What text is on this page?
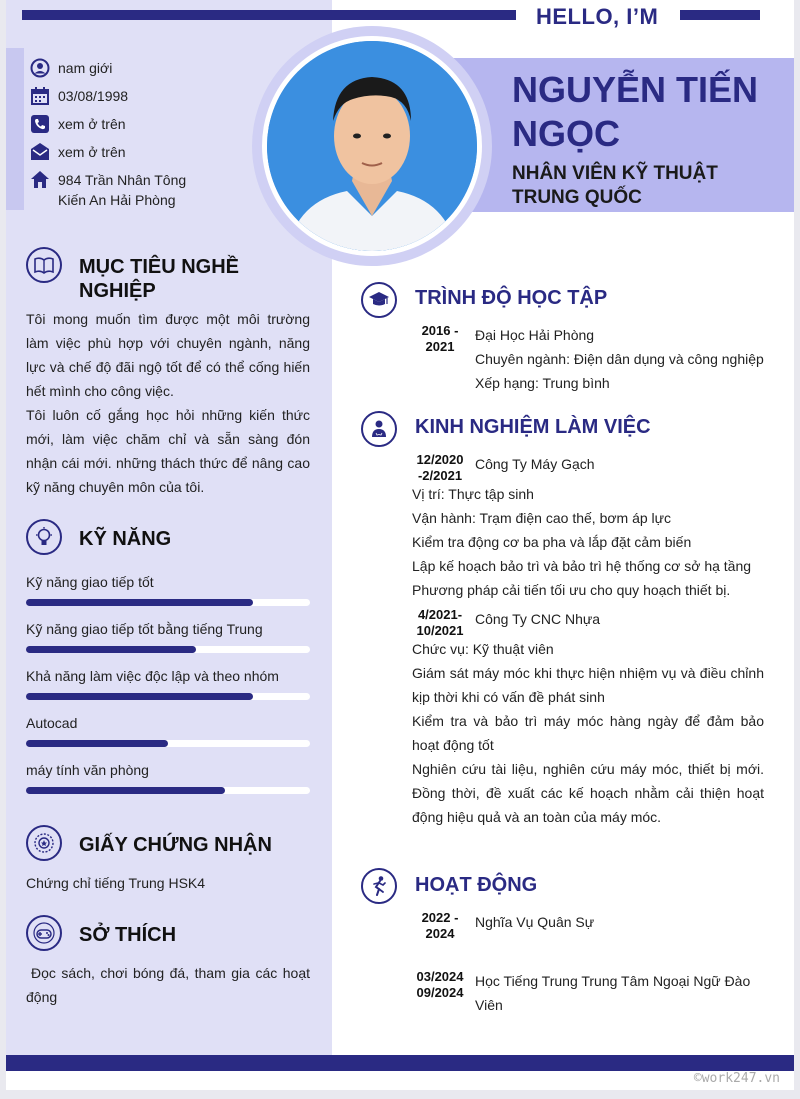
HELLO, I’M
NGUYỄN TIẾN NGỌC
NHÂN VIÊN KỸ THUẬT TRUNG QUỐC
nam giới
03/08/1998
xem ở trên
xem ở trên
984 Trần Nhân Tông
Kiến An Hải Phòng
MỤC TIÊU NGHỀ
NGHIỆP
Tôi mong muốn tìm được một môi trường làm việc phù hợp với chuyên ngành, năng lực và chế độ đãi ngộ tốt để có thể cống hiến hết mình cho công việc.
Tôi luôn cố gắng học hỏi những kiến thức mới, làm việc chăm chỉ và sẵn sàng đón nhận cái mới. những thách thức để nâng cao kỹ năng chuyên môn của tôi.
KỸ NĂNG
Kỹ năng giao tiếp tốt
Kỹ năng giao tiếp tốt bằng tiếng Trung
Khả năng làm việc độc lập và theo nhóm
Autocad
máy tính văn phòng
GIẤY CHỨNG NHẬN
Chứng chỉ tiếng Trung HSK4
SỞ THÍCH
Đọc sách, chơi bóng đá, tham gia các hoạt động
TRÌNH ĐỘ HỌC TẬP
2016 -
2021
Đại Học Hải Phòng
Chuyên ngành: Điện dân dụng và công nghiệp
Xếp hạng: Trung bình
KINH NGHIỆM LÀM VIỆC
12/2020
-2/2021
Công Ty Máy Gạch
Vị trí: Thực tập sinh
Vận hành: Trạm điện cao thế, bơm áp lực
Kiểm tra động cơ ba pha và lắp đặt cảm biến
Lập kế hoạch bảo trì và bảo trì hệ thống cơ sở hạ tầng
Phương pháp cải tiến tối ưu cho quy hoạch thiết bị.
4/2021-
10/2021
Công Ty CNC Nhựa
Chức vụ: Kỹ thuật viên
Giám sát máy móc khi thực hiện nhiệm vụ và điều chỉnh kịp thời khi có vấn đề phát sinh
Kiểm tra và bảo trì máy móc hàng ngày để đảm bảo hoạt động tốt
Nghiên cứu tài liệu, nghiên cứu máy móc, thiết bị mới. Đồng thời, đề xuất các kế hoạch nhằm cải thiện hoạt động hiệu quả và an toàn của máy móc.
HOẠT ĐỘNG
2022 -
2024
Nghĩa Vụ Quân Sự
03/2024
09/2024
Học Tiếng Trung Trung Tâm Ngoại Ngữ Đào Viên
©work247.vn
